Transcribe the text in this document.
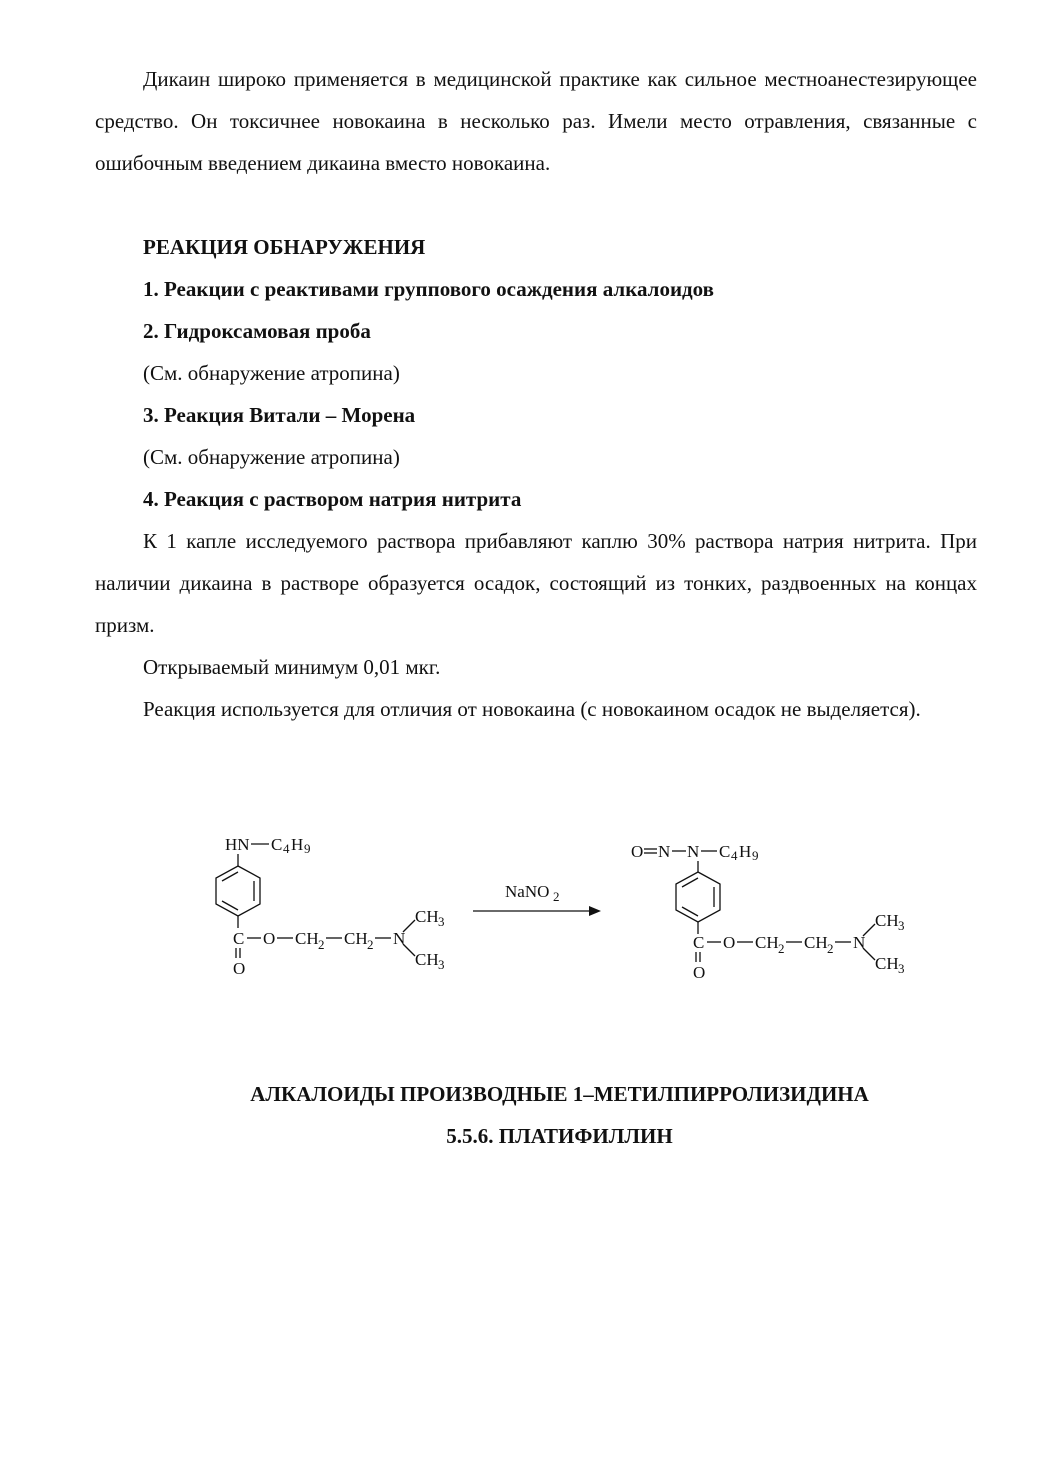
Дикаин широко применяется в медицинской практике как сильное местноанестезирующее средство. Он токсичнее новокаина в несколько раз. Имели место отравления, связанные с ошибочным введением дикаина вместо новокаина.

РЕАКЦИЯ ОБНАРУЖЕНИЯ

1. Реакции с реактивами группового осаждения алкалоидов

2. Гидроксамовая проба

(См. обнаружение атропина)

3. Реакция Витали – Морена

(См. обнаружение атропина)

4. Реакция с раствором натрия нитрита

К 1 капле исследуемого раствора прибавляют каплю 30% раствора натрия нитрита. При наличии дикаина в растворе образуется осадок, состоящий из тонких, раздвоенных на концах призм.

Открываемый минимум 0,01 мкг.

Реакция используется для отличия от новокаина (с новокаином осадок не выделяется).

HN C 4 H 9
C
O
O CH 2 CH 2 N
CH 3
CH 3
NaNO 2
O N N C 4 H 9
C
O
O CH 2 CH 2 N
CH 3
CH 3
АЛКАЛОИДЫ ПРОИЗВОДНЫЕ 1–МЕТИЛПИРРОЛИЗИДИНА
5.5.6. ПЛАТИФИЛЛИН
